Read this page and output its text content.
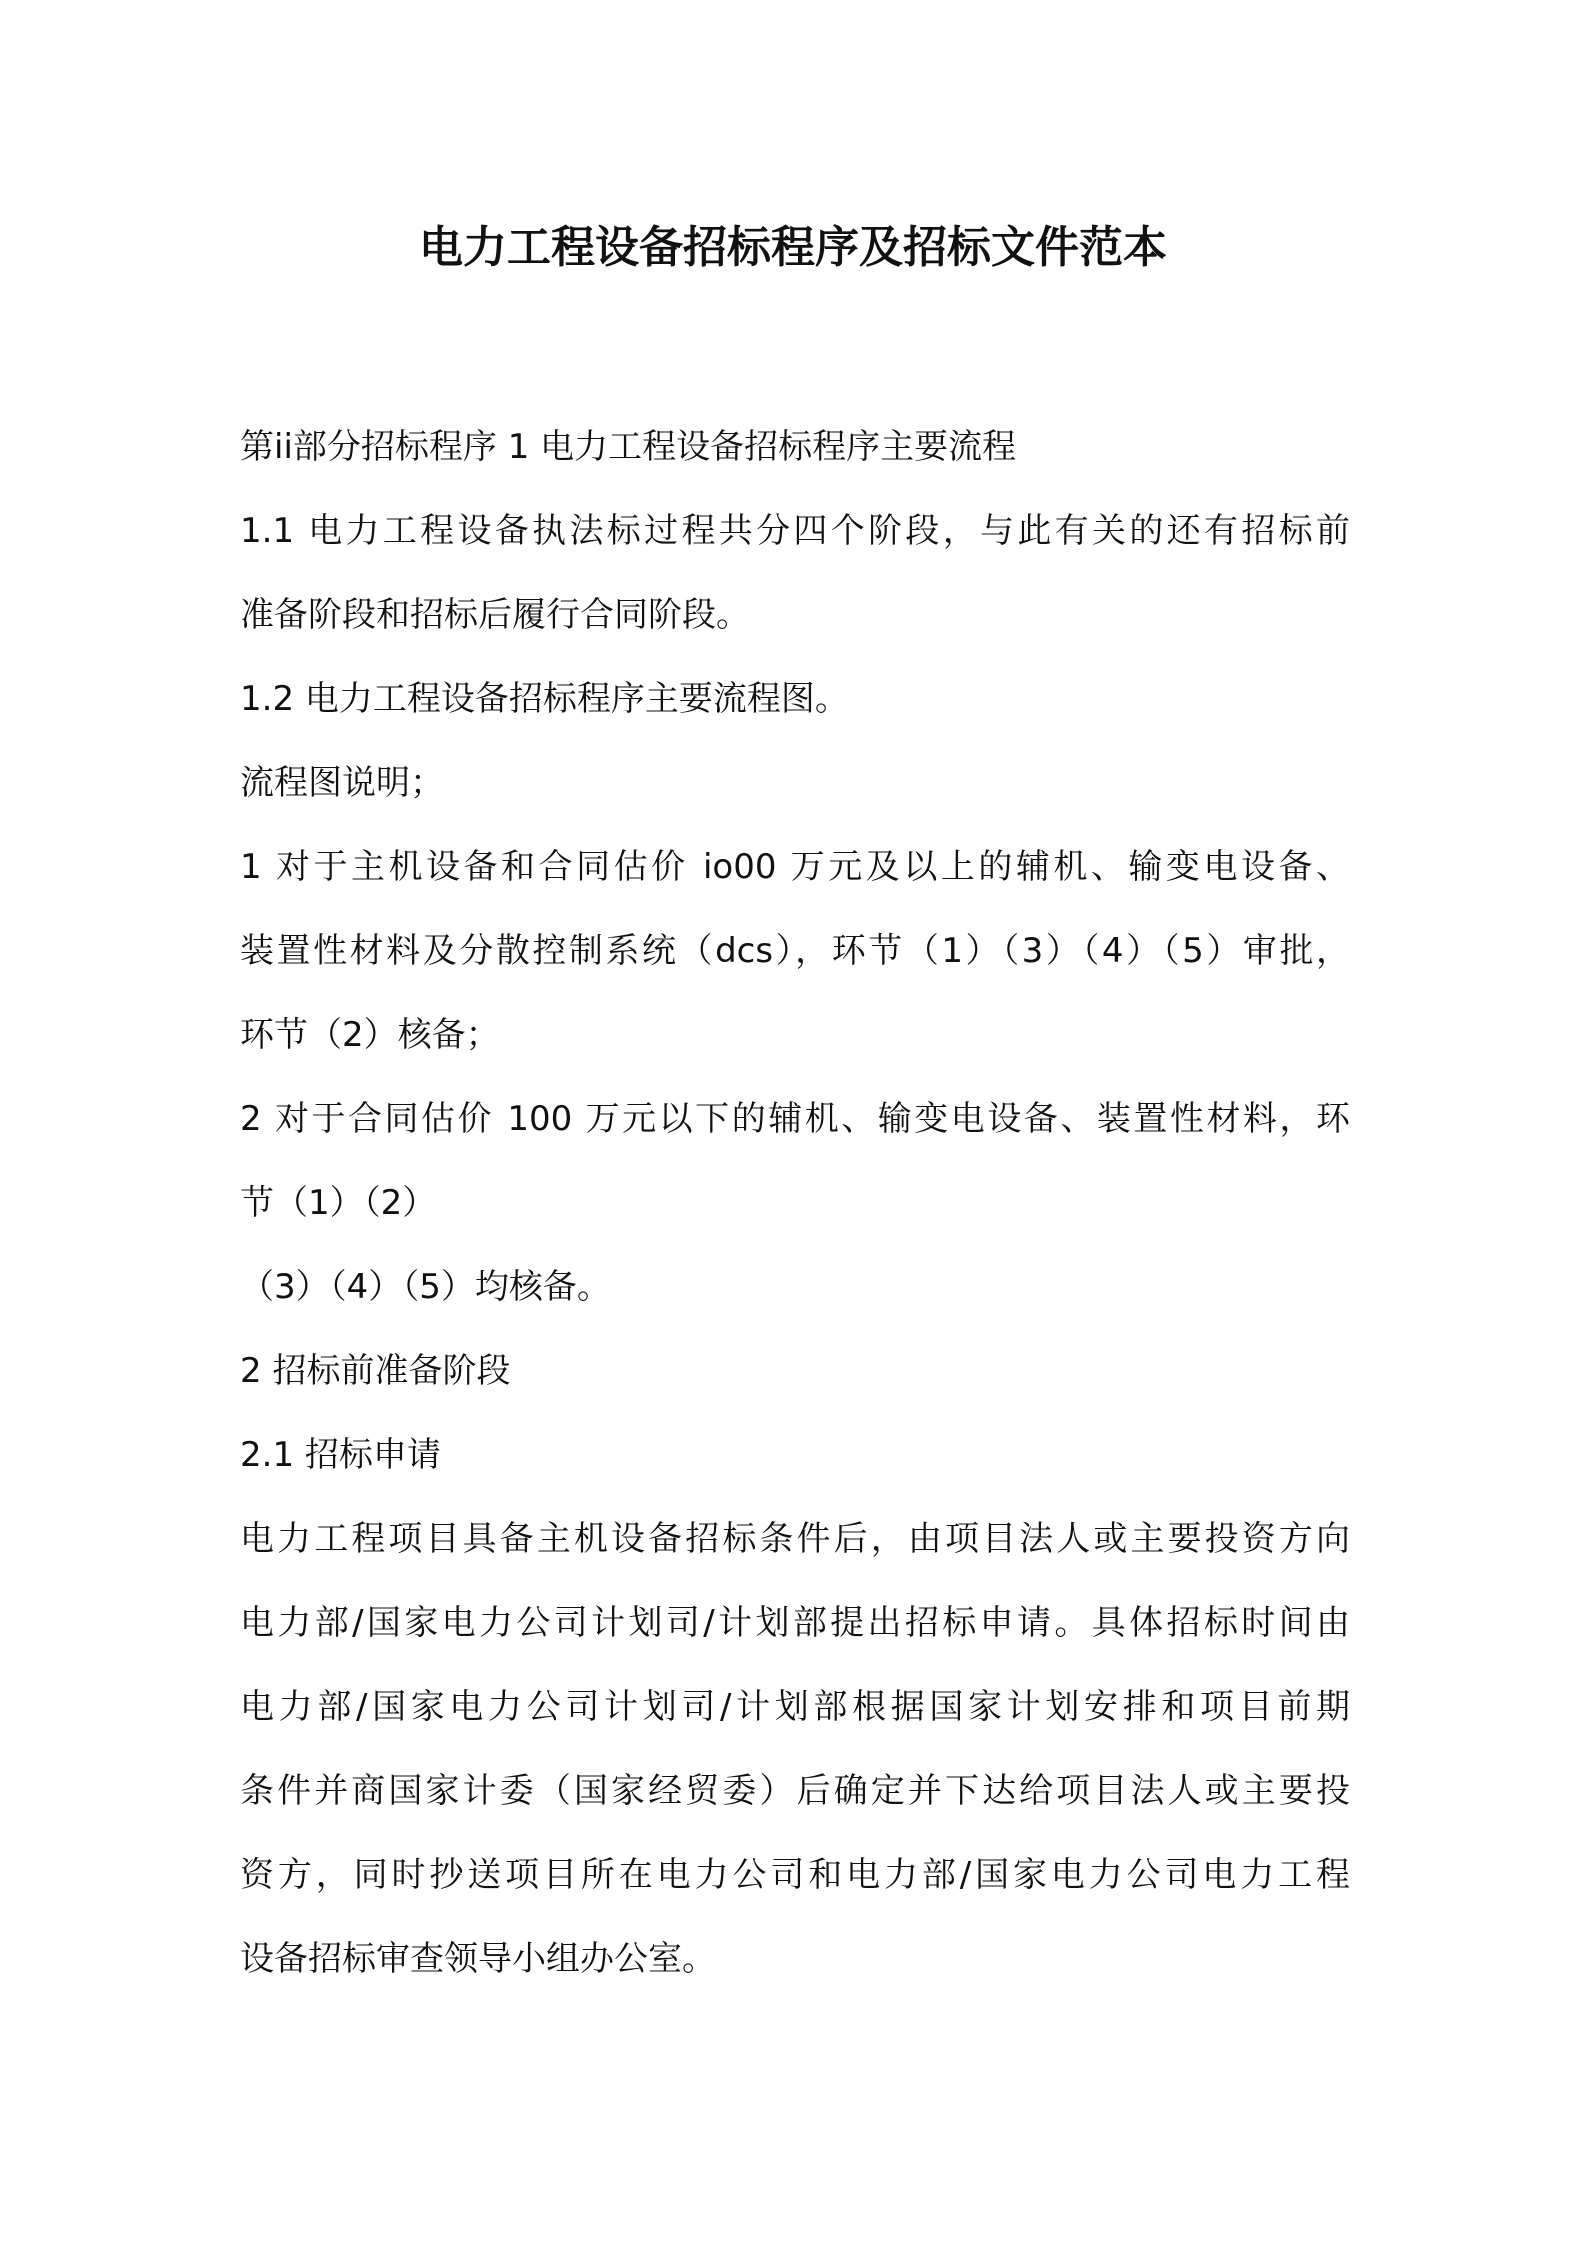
电力工程设备招标程序及招标文件范本
第ii部分招标程序 1 电力工程设备招标程序主要流程
1.1 电力工程设备执法标过程共分四个阶段，与此有关的还有招标前
准备阶段和招标后履行合同阶段。
1.2 电力工程设备招标程序主要流程图。
流程图说明；
1 对于主机设备和合同估价 io00 万元及以上的辅机、输变电设备、
装置性材料及分散控制系统（dcs），环节（1）（3）（4）（5）审批，
环节（2）核备；
2 对于合同估价 100 万元以下的辅机、输变电设备、装置性材料，环
节（1）（2）
（3）（4）（5）均核备。
2 招标前准备阶段
2.1 招标申请
电力工程项目具备主机设备招标条件后，由项目法人或主要投资方向
电力部/国家电力公司计划司/计划部提出招标申请。具体招标时间由
电力部/国家电力公司计划司/计划部根据国家计划安排和项目前期
条件并商国家计委（国家经贸委）后确定并下达给项目法人或主要投
资方，同时抄送项目所在电力公司和电力部/国家电力公司电力工程
设备招标审查领导小组办公室。
